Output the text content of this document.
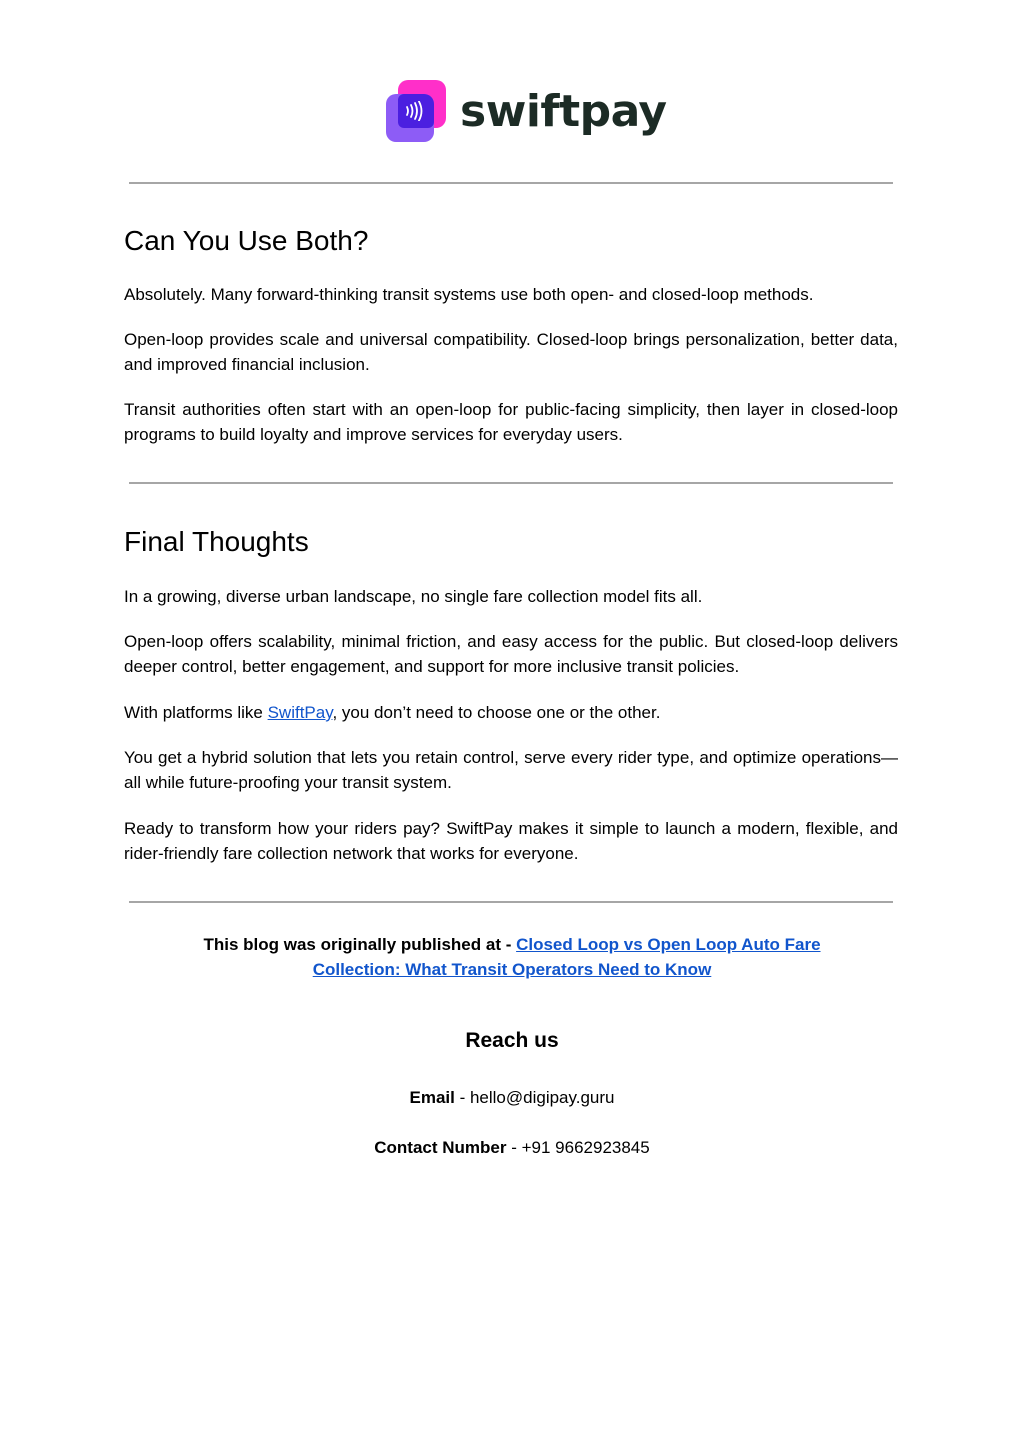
swiftpay
Can You Use Both?

Absolutely. Many forward-thinking transit systems use both open- and closed-loop methods.

Open-loop provides scale and universal compatibility. Closed-loop brings personalization, better data, and improved financial inclusion.

Transit authorities often start with an open-loop for public-facing simplicity, then layer in closed-loop programs to build loyalty and improve services for everyday users.

Final Thoughts

In a growing, diverse urban landscape, no single fare collection model fits all.

Open-loop offers scalability, minimal friction, and easy access for the public. But closed-loop delivers deeper control, better engagement, and support for more inclusive transit policies.

With platforms like SwiftPay, you don’t need to choose one or the other.

You get a hybrid solution that lets you retain control, serve every rider type, and optimize operations—all while future-proofing your transit system.

Ready to transform how your riders pay? SwiftPay makes it simple to launch a modern, flexible, and rider-friendly fare collection network that works for everyone.

This blog was originally published at - Closed Loop vs Open Loop Auto Fare Collection: What Transit Operators Need to Know
Reach us
Email - hello@digipay.guru
Contact Number - +91 9662923845
